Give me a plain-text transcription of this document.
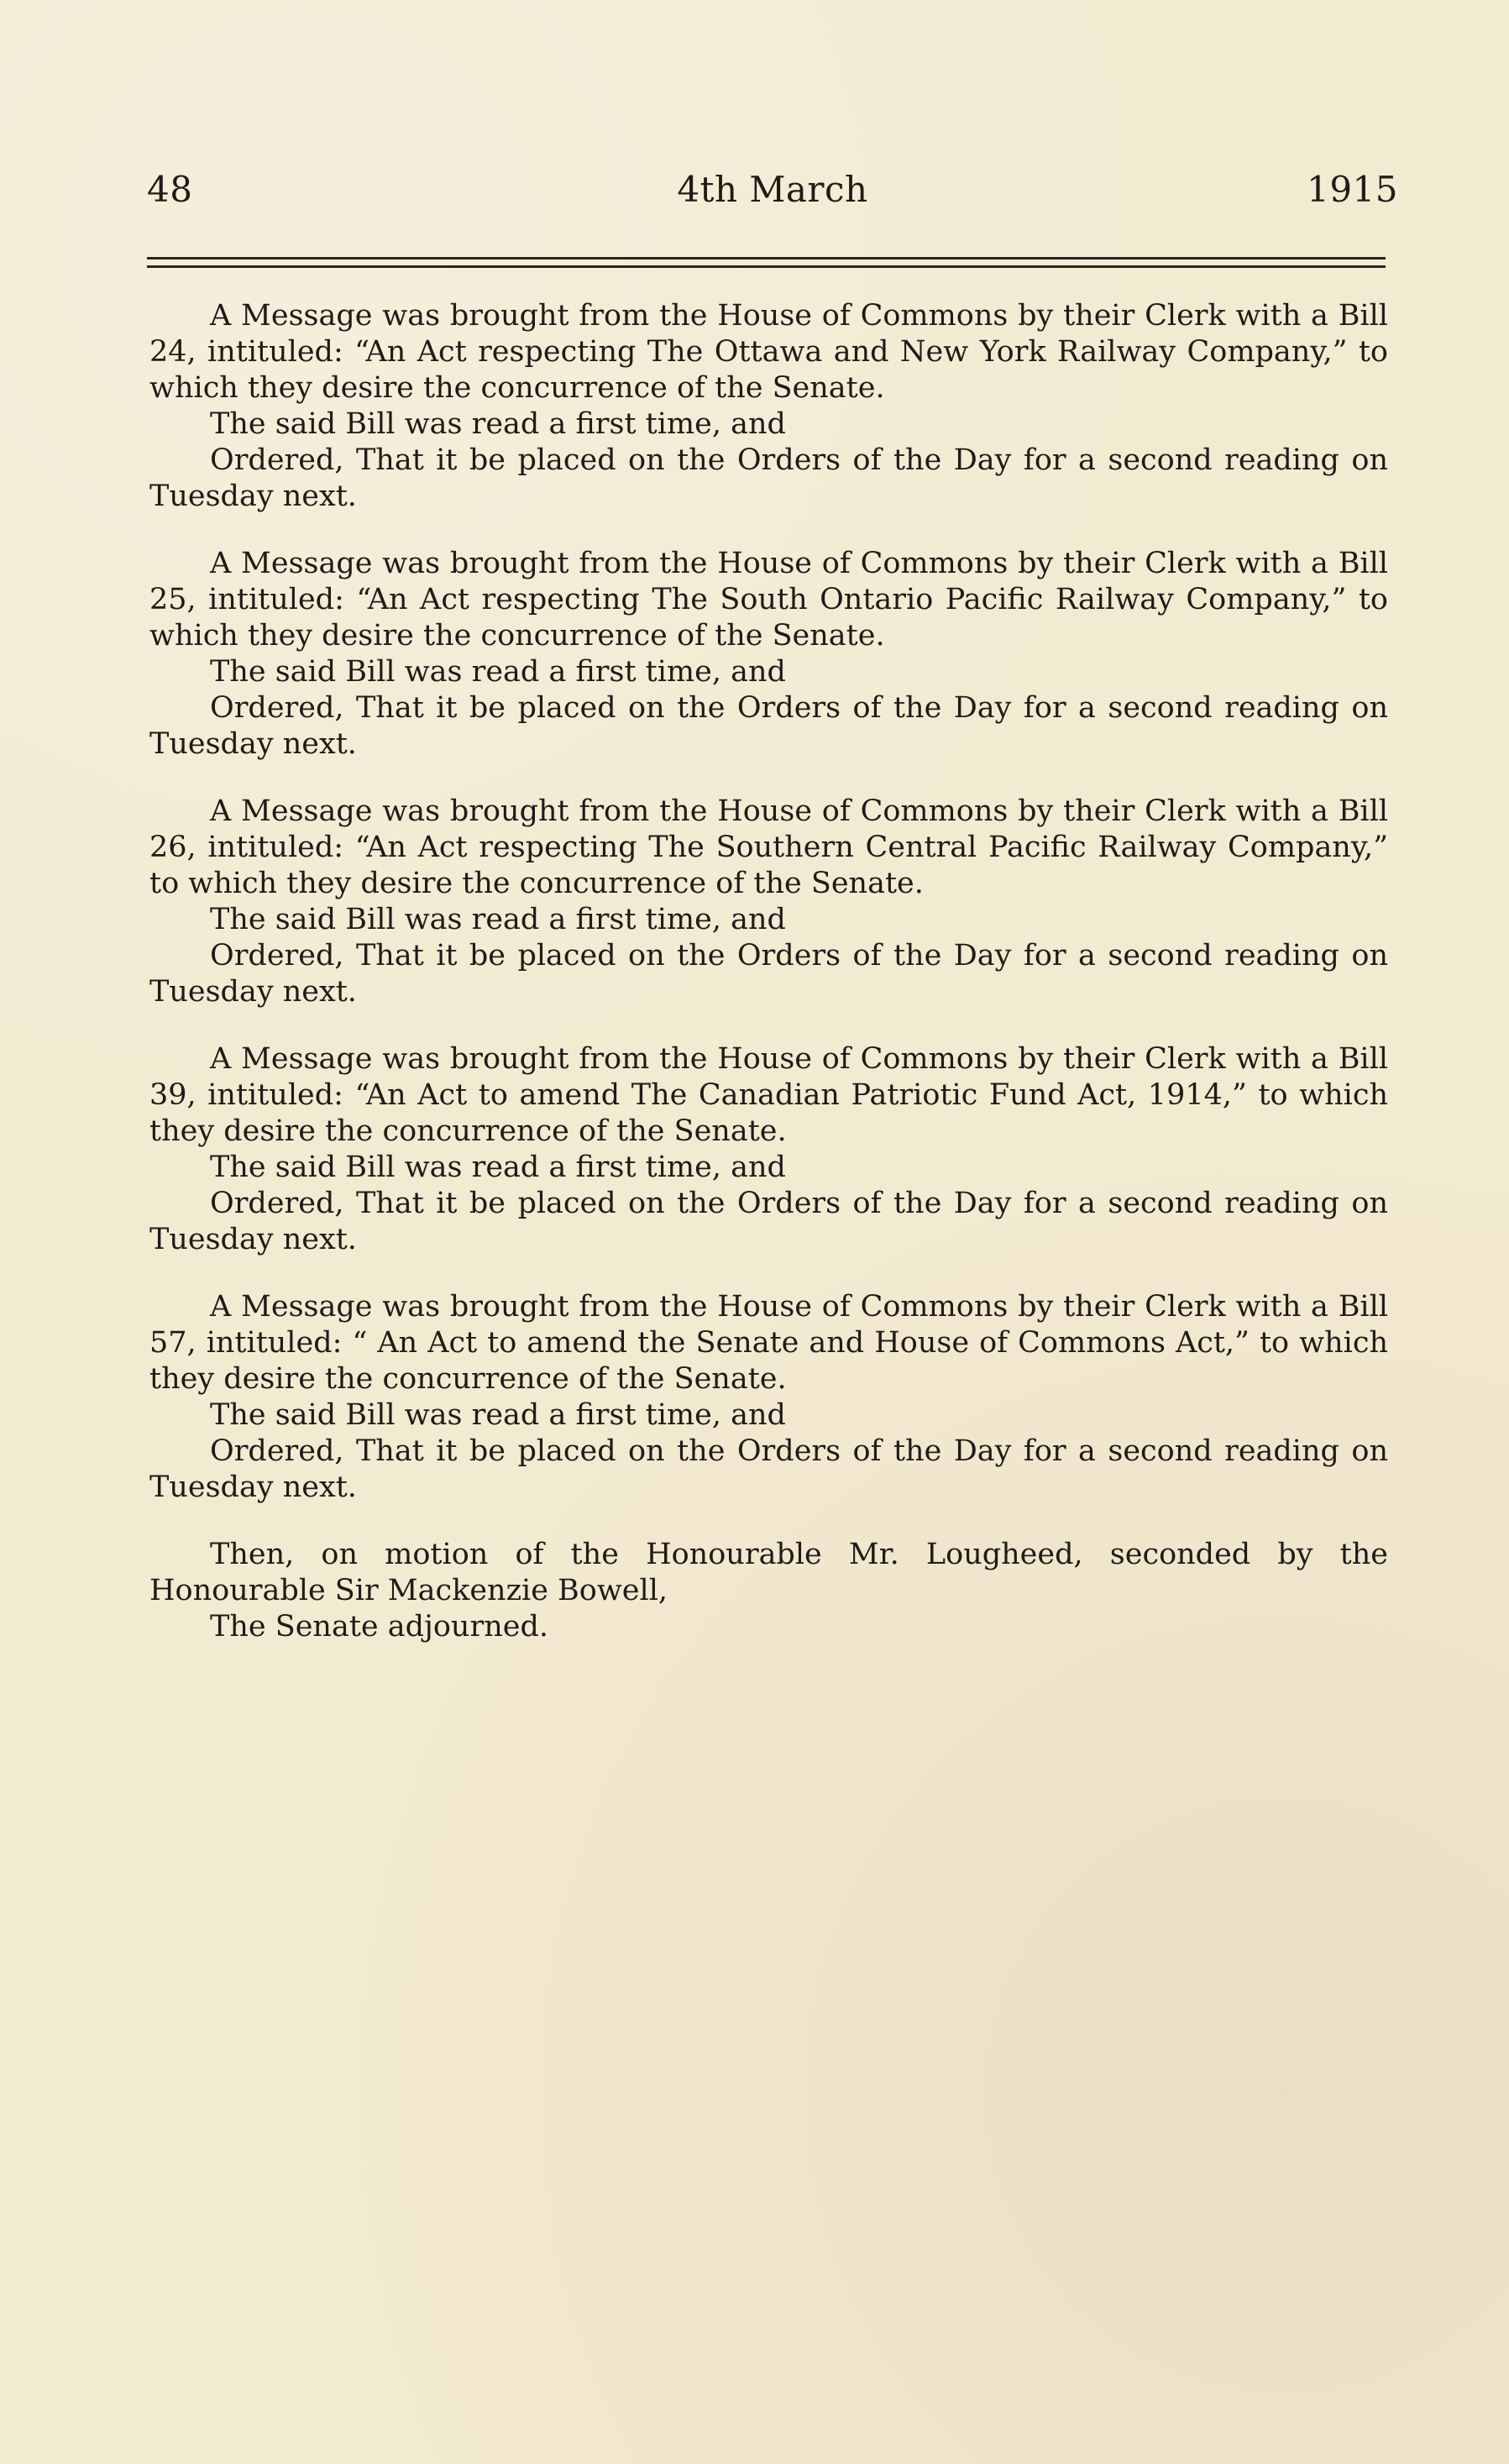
48	4th March	1915

A Message was brought from the House of Commons by their Clerk with a Bill 24, intituled: “An Act respecting The Ottawa and New York Railway Company,” to which they desire the concurrence of the Senate.

The said Bill was read a first time, and

Ordered, That it be placed on the Orders of the Day for a second reading on Tuesday next.

A Message was brought from the House of Commons by their Clerk with a Bill 25, intituled: “An Act respecting The South Ontario Pacific Railway Company,” to which they desire the concurrence of the Senate.

The said Bill was read a first time, and

Ordered, That it be placed on the Orders of the Day for a second reading on Tuesday next.

A Message was brought from the House of Commons by their Clerk with a Bill 26, intituled: “An Act respecting The Southern Central Pacific Railway Company,” to which they desire the concurrence of the Senate.

The said Bill was read a first time, and

Ordered, That it be placed on the Orders of the Day for a second reading on Tuesday next.

A Message was brought from the House of Commons by their Clerk with a Bill 39, intituled: “An Act to amend The Canadian Patriotic Fund Act, 1914,” to which they desire the concurrence of the Senate.

The said Bill was read a first time, and

Ordered, That it be placed on the Orders of the Day for a second reading on Tuesday next.

A Message was brought from the House of Commons by their Clerk with a Bill 57, intituled: “ An Act to amend the Senate and House of Commons Act,” to which they desire the concurrence of the Senate.

The said Bill was read a first time, and

Ordered, That it be placed on the Orders of the Day for a second reading on Tuesday next.

Then, on motion of the Honourable Mr. Lougheed, seconded by the Honourable Sir Mackenzie Bowell,

The Senate adjourned.
